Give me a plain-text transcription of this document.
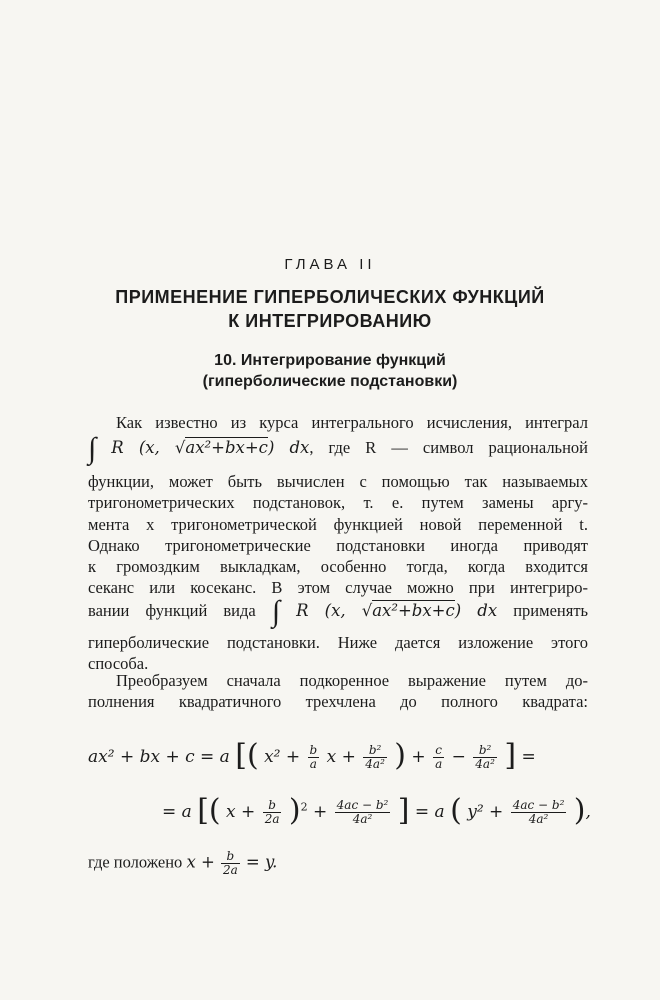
ГЛАВА II
ПРИМЕНЕНИЕ ГИПЕРБОЛИЧЕСКИХ ФУНКЦИЙ
К ИНТЕГРИРОВАНИЮ
10. Интегрирование функций
(гиперболические подстановки)
Как известно из курса интегрального исчисления, интеграл
∫ R (x, √ax²+bx+c) dx, где R — символ рациональной
функции, может быть вычислен с помощью так называемых
тригонометрических подстановок, т. е. путем замены аргу-
мента x тригонометрической функцией новой переменной t.
Однако тригонометрические подстановки иногда приводят
к громоздким выкладкам, особенно тогда, когда входится
секанс или косеканс. В этом случае можно при интегриро-
вании функций вида ∫ R (x, √ax²+bx+c) dx применять
гиперболические подстановки. Ниже дается изложение этого
способа.
Преобразуем сначала подкоренное выражение путем до-
полнения квадратичного трехчлена до полного квадрата:
ax² + bx + c = a [( $x^2 + \frac{b}{a}$ $x + \frac{\text{b²}}{\text{4a²}}$ ) + $\frac{c}{a} - \frac{\text{b²}}{\text{4a²}}$ ] =
= a [( $x + \frac{b}{2a} )^2 + \frac{\text{4ac − b²}}{\text{4a²}}$ ] = a ( $y^2 + \frac{\text{4ac − b²}}{\text{4a²}}$ ),
где положено $x + \frac{b}{2a} = y$.
